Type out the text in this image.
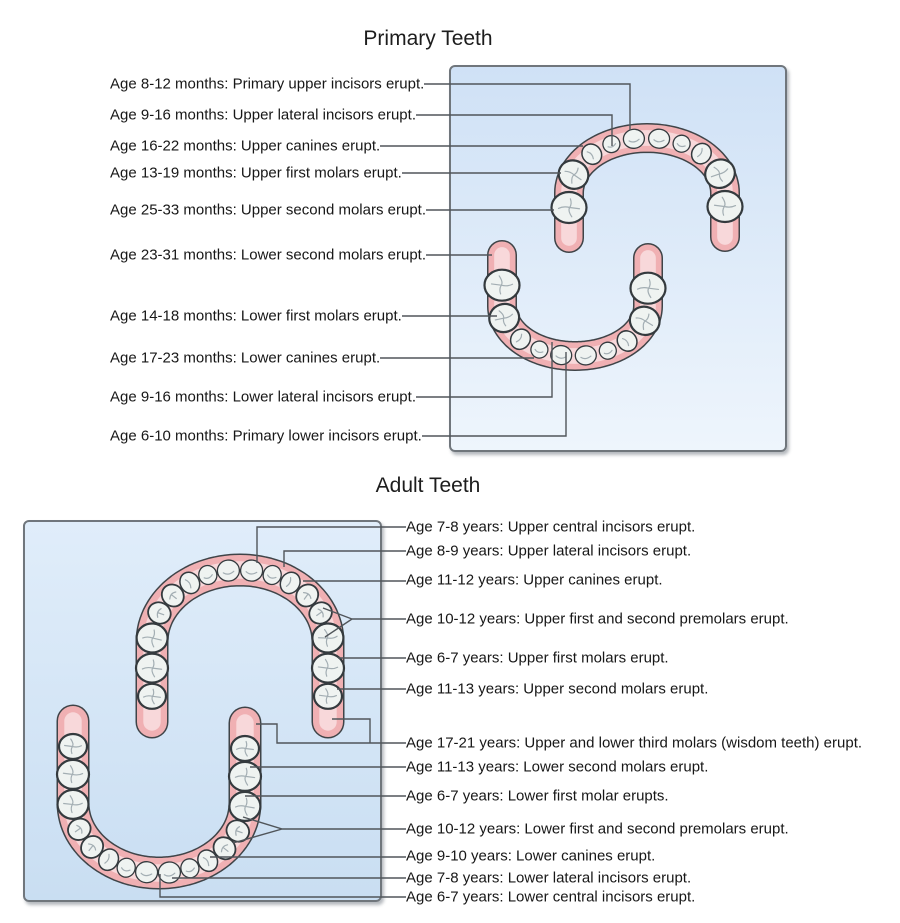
Primary Teeth
Adult Teeth
Age 8-12 months: Primary upper incisors erupt.
Age 9-16 months: Upper lateral incisors erupt.
Age 16-22 months: Upper canines erupt.
Age 13-19 months: Upper first molars erupt.
Age 25-33 months: Upper second molars erupt.
Age 23-31 months: Lower second molars erupt.
Age 14-18 months: Lower first molars erupt.
Age 17-23 months: Lower canines erupt.
Age 9-16 months: Lower lateral incisors erupt.
Age 6-10 months: Primary lower incisors erupt.
Age 7-8 years: Upper central incisors erupt.
Age 8-9 years: Upper lateral incisors erupt.
Age 11-12 years: Upper canines erupt.
Age 10-12 years: Upper first and second premolars erupt.
Age 6-7 years: Upper first molars erupt.
Age 11-13 years: Upper second molars erupt.
Age 17-21 years: Upper and lower third molars (wisdom teeth) erupt.
Age 11-13 years: Lower second molars erupt.
Age 6-7 years: Lower first molar erupts.
Age 10-12 years: Lower first and second premolars erupt.
Age 9-10 years: Lower canines erupt.
Age 7-8 years: Lower lateral incisors erupt.
Age 6-7 years: Lower central incisors erupt.
